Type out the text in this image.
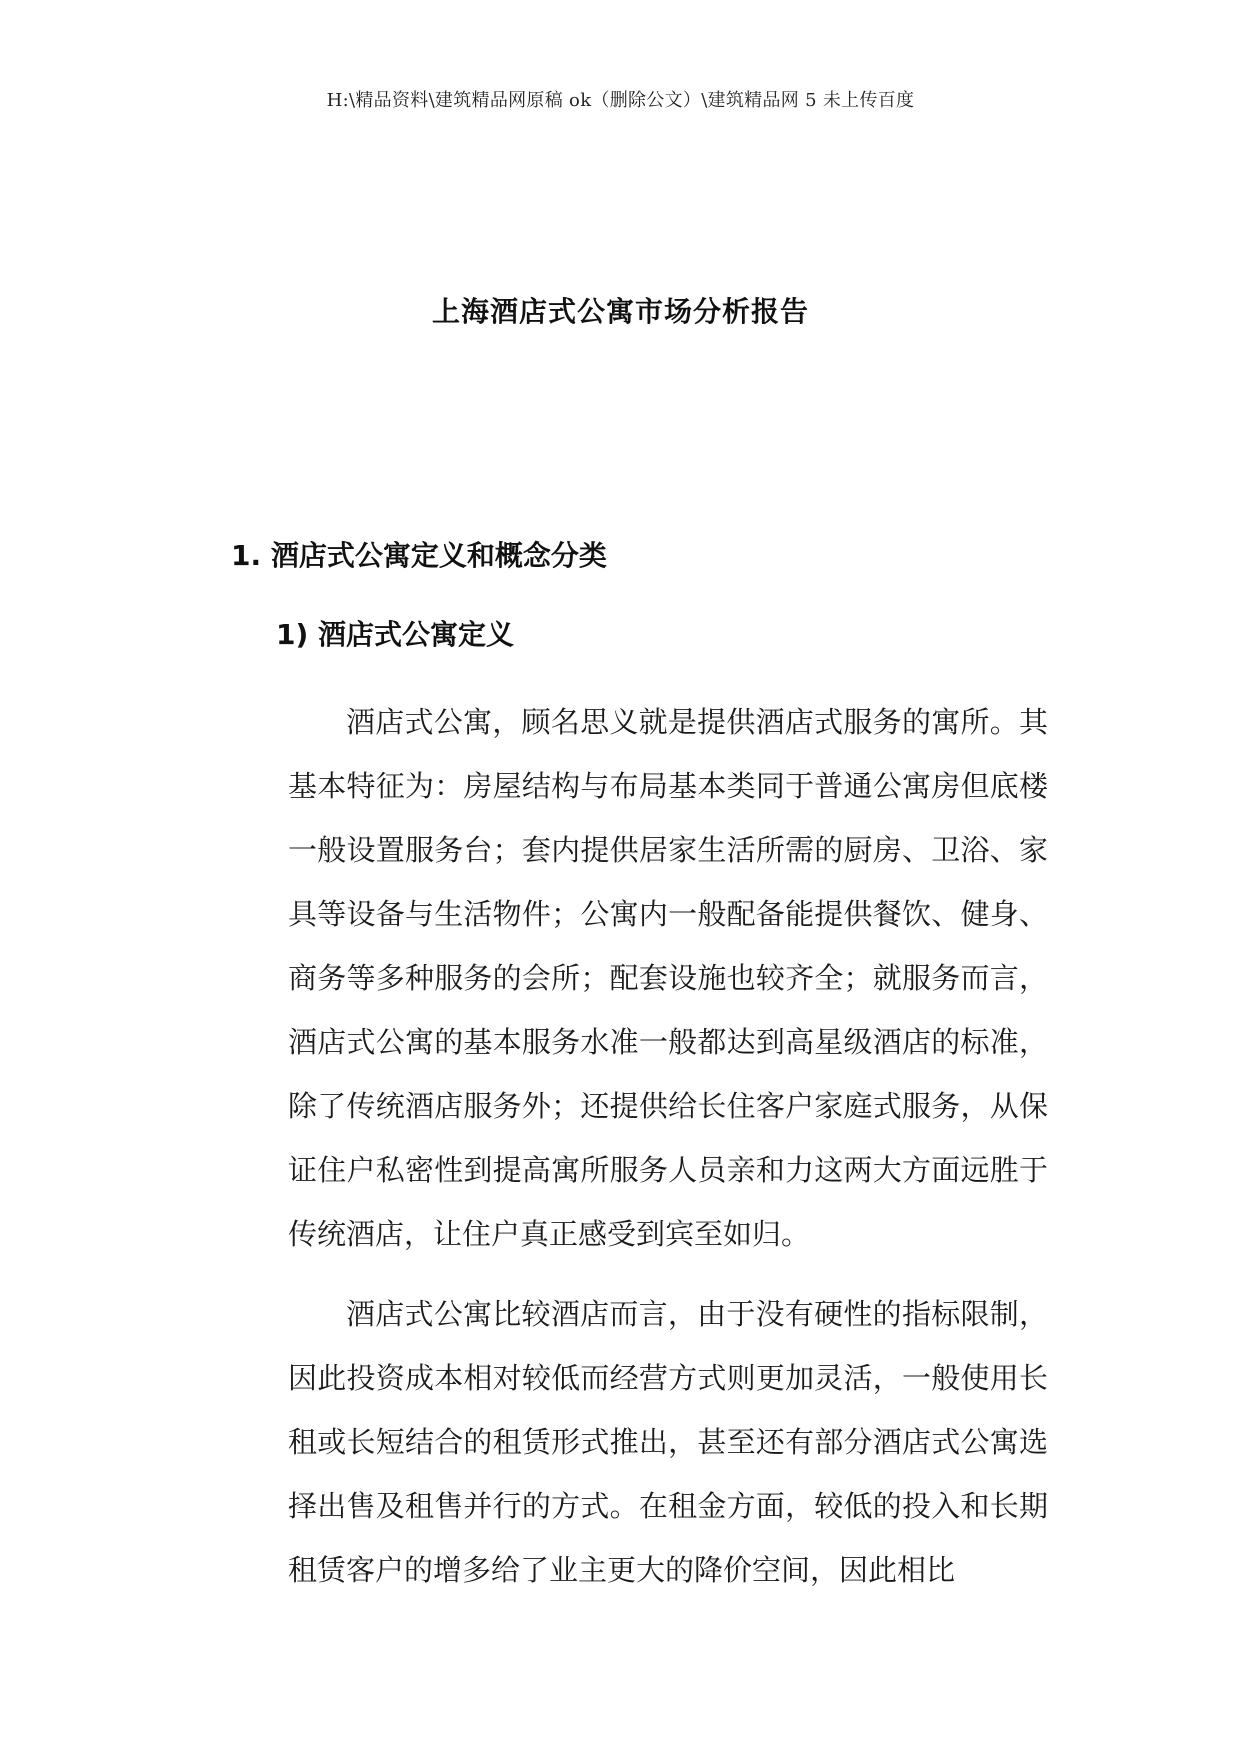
H:\精品资料\建筑精品网原稿 ok（删除公文）\建筑精品网 5 未上传百度
上海酒店式公寓市场分析报告
1. 酒店式公寓定义和概念分类
1) 酒店式公寓定义

酒店式公寓，顾名思义就是提供酒店式服务的寓所。其基本特征为：房屋结构与布局基本类同于普通公寓房但底楼一般设置服务台；套内提供居家生活所需的厨房、卫浴、家具等设备与生活物件；公寓内一般配备能提供餐饮、健身、 商务等多种服务的会所；配套设施也较齐全；就服务而言，酒店式公寓的基本服务水准一般都达到高星级酒店的标准，除了传统酒店服务外；还提供给长住客户家庭式服务，从保证住户私密性到提高寓所服务人员亲和力这两大方面远胜于传统酒店，让住户真正感受到宾至如归。

酒店式公寓比较酒店而言，由于没有硬性的指标限制，因此投资成本相对较低而经营方式则更加灵活，一般使用长租或长短结合的租赁形式推出，甚至还有部分酒店式公寓选择出售及租售并行的方式。在租金方面，较低的投入和长期租赁客户的增多给了业主更大的降价空间，因此相比
